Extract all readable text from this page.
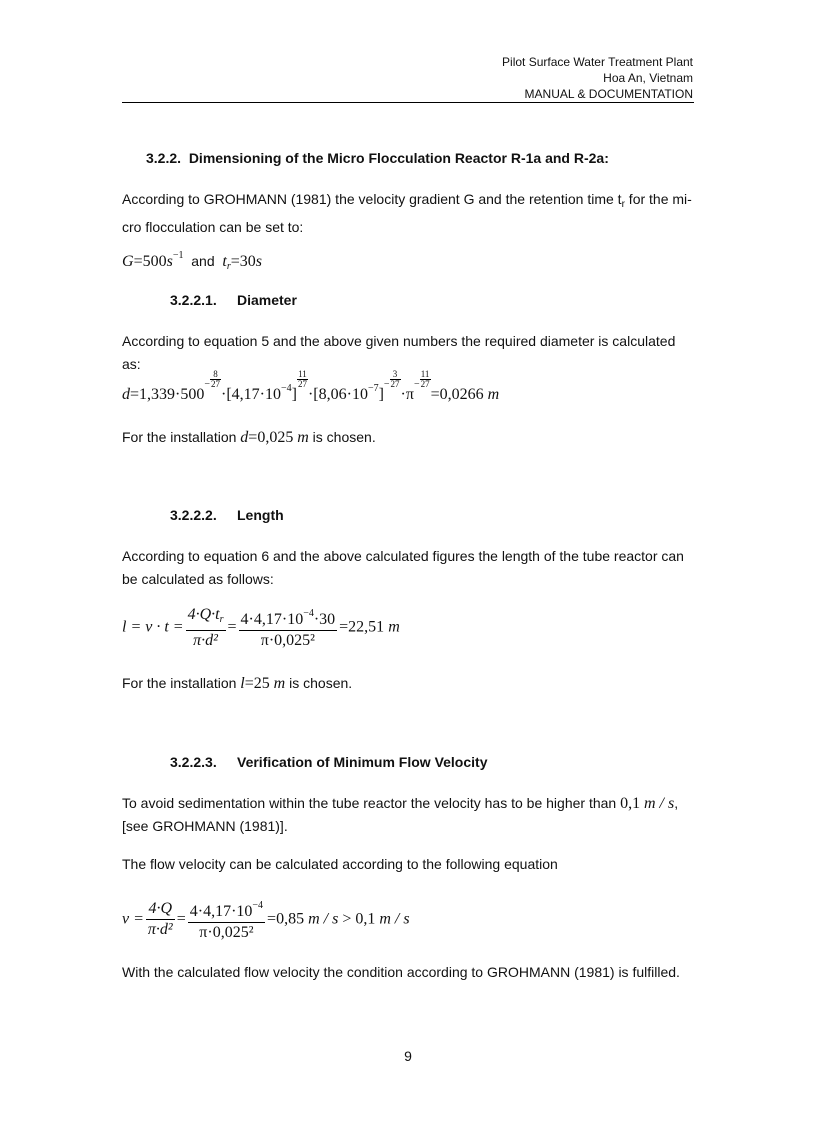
Pilot Surface Water Treatment Plant
Hoa An, Vietnam
MANUAL & DOCUMENTATION
3.2.2. Dimensioning of the Micro Flocculation Reactor R-1a and R-2a:
According to GROHMANN (1981) the velocity gradient G and the retention time $t_r$ for the mi-cro flocculation can be set to:
$G=500s^{-1}$ and $t_r=30s$
3.2.2.1. Diameter
According to equation 5 and the above given numbers the required diameter is calculated as:
$d=1,339\cdot 500- \frac{8}{27}$
$\cdot[4,17\cdot 10^{-4}]$
$\frac{11}{27}$
$\cdot[8,06\cdot 10^{-7}]- \frac{3}{27}$
$\cdot\pi- \frac{11}{27}$
=0,0266 m
For the installation d=0,025 m is chosen.
3.2.2.2. Length
According to equation 6 and the above calculated figures the length of the tube reactor can be calculated as follows:
$l = v \cdot t = \frac{4\cdot Q\cdot t_r}{\text{π·d²}} = \frac{4\cdot 4,17\cdot 10^{-4}\cdot 30}{\text{π·0,025²}} =22,51$ m
For the installation l=25 m is chosen.
3.2.2.3. Verification of Minimum Flow Velocity
To avoid sedimentation within the tube reactor the velocity has to be higher than 0,1 m / s,
[see GROHMANN (1981)].
The flow velocity can be calculated according to the following equation
$v = \frac{4\cdot Q}{\text{π·d²}} = \frac{4\cdot 4,17\cdot 10^{-4}}{\text{π·0,025²}} =0,85$ m / s > 0,1 m / s
With the calculated flow velocity the condition according to GROHMANN (1981) is fulfilled.
9
